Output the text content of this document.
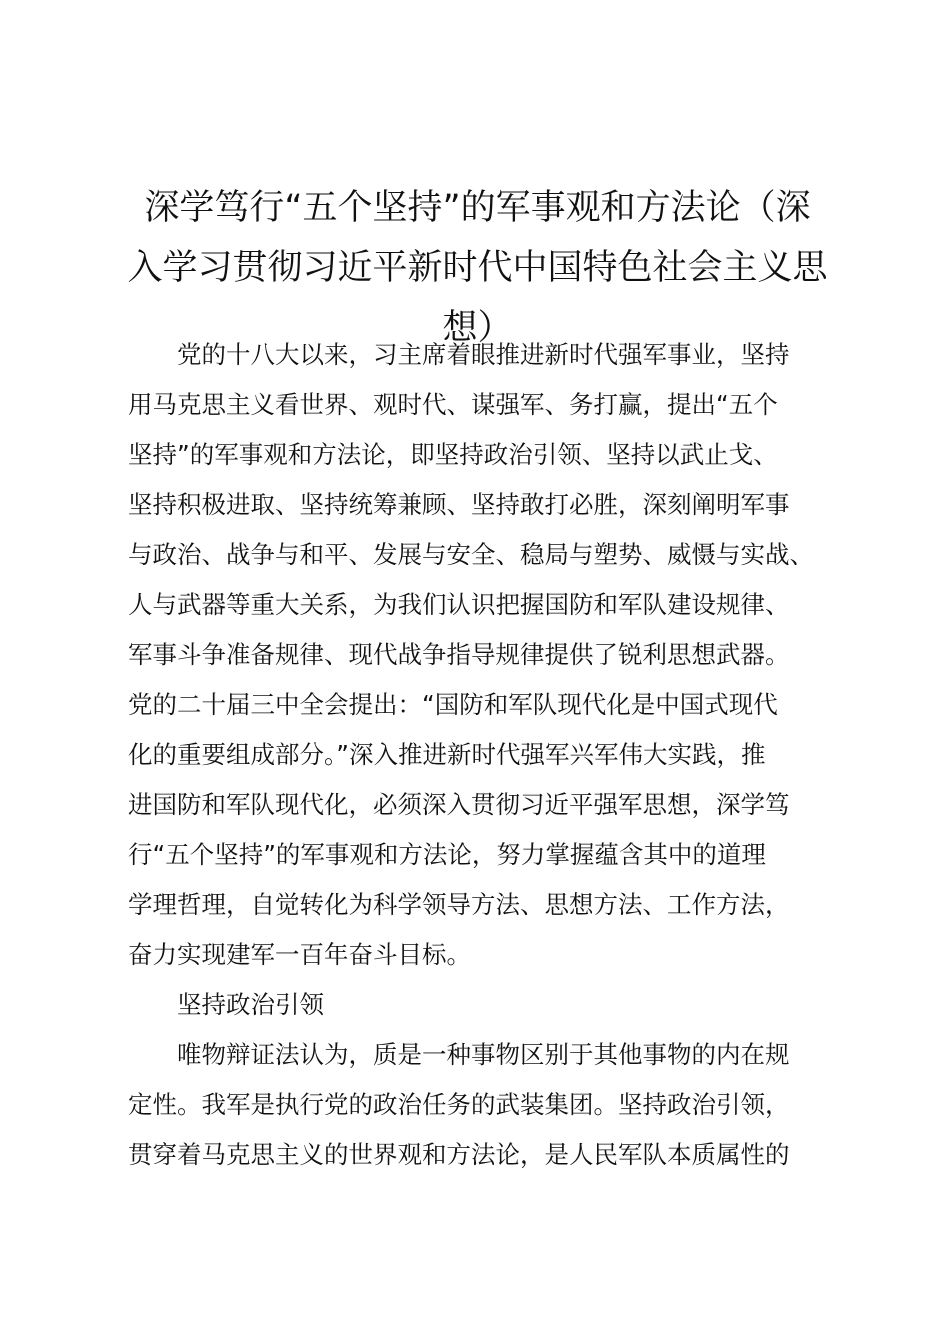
深学笃行“五个坚持”的军事观和方法论（深
入学习贯彻习近平新时代中国特色社会主义思
想）
党的十八大以来，习主席着眼推进新时代强军事业，坚持
用马克思主义看世界、观时代、谋强军、务打赢，提出“五个
坚持”的军事观和方法论，即坚持政治引领、坚持以武止戈、
坚持积极进取、坚持统筹兼顾、坚持敢打必胜，深刻阐明军事
与政治、战争与和平、发展与安全、稳局与塑势、威慑与实战、
人与武器等重大关系，为我们认识把握国防和军队建设规律、
军事斗争准备规律、现代战争指导规律提供了锐利思想武器。
党的二十届三中全会提出：“国防和军队现代化是中国式现代
化的重要组成部分。”深入推进新时代强军兴军伟大实践，推
进国防和军队现代化，必须深入贯彻习近平强军思想，深学笃
行“五个坚持”的军事观和方法论，努力掌握蕴含其中的道理
学理哲理，自觉转化为科学领导方法、思想方法、工作方法，
奋力实现建军一百年奋斗目标。
坚持政治引领
唯物辩证法认为，质是一种事物区别于其他事物的内在规
定性。我军是执行党的政治任务的武装集团。坚持政治引领，
贯穿着马克思主义的世界观和方法论，是人民军队本质属性的
